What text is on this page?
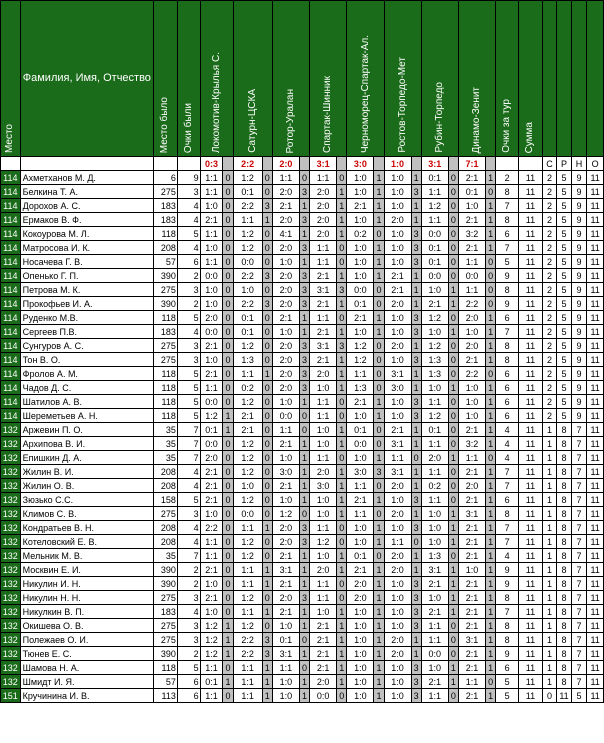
Место	Фамилия, Имя, Отчество	Место было	Очки были	Локомотив-Крылья С.		Сатурн-ЦСКА		Ротор-Уралан		Спартак-Шинник		Черноморец-Спартак-Ал.		Ростов-Торпедо-Мет		Рубин-Торпедо		Динамо-Зенит		Очки за тур	Сумма				
				0:3		2:2		2:0		3:1		3:0		1:0		3:1		7:1				С	Р	Н	О
114	Ахметханов М. Д.	6	9	1:1	0	1:2	0	1:1	0	1:1	0	1:0	1	1:0	1	0:1	0	2:1	1	2	11	2	5	9	11
114	Белкина Т. А.	275	3	1:1	0	0:1	0	2:0	3	2:0	1	1:0	1	1:0	3	1:1	0	0:1	0	8	11	2	5	9	11
114	Дорохов А. С.	183	4	1:0	0	2:2	3	2:1	1	2:0	1	2:1	1	1:0	1	1:2	0	1:0	1	7	11	2	5	9	11
114	Ермаков В. Ф.	183	4	2:1	0	1:1	1	2:0	3	2:0	1	1:0	1	2:0	1	1:1	0	2:1	1	8	11	2	5	9	11
114	Кокоурова М. Л.	118	5	1:1	0	1:2	0	4:1	1	2:0	1	0:2	0	1:0	3	0:0	0	3:2	1	6	11	2	5	9	11
114	Матросова И. К.	208	4	1:0	0	1:2	0	2:0	3	1:1	0	1:0	1	1:0	3	0:1	0	2:1	1	7	11	2	5	9	11
114	Носачева Г. В.	57	6	1:1	0	0:0	0	1:0	1	1:1	0	1:0	1	1:0	3	0:1	0	1:1	0	5	11	2	5	9	11
114	Опенько Г. П.	390	2	0:0	0	2:2	3	2:0	3	2:1	1	1:0	1	2:1	1	0:0	0	0:0	0	9	11	2	5	9	11
114	Петрова М. К.	275	3	1:0	0	1:0	0	2:0	3	3:1	3	0:0	0	2:1	1	1:0	1	1:1	0	8	11	2	5	9	11
114	Прокофьев И. А.	390	2	1:0	0	2:2	3	2:0	3	2:1	1	0:1	0	2:0	1	2:1	1	2:2	0	9	11	2	5	9	11
114	Руденко М.В.	118	5	2:0	0	0:1	0	2:1	1	1:1	0	2:1	1	1:0	3	1:2	0	2:0	1	6	11	2	5	9	11
114	Сергеев П.В.	183	4	0:0	0	0:1	0	1:0	1	2:1	1	1:0	1	1:0	3	1:0	1	1:0	1	7	11	2	5	9	11
114	Сунгуров А. С.	275	3	2:1	0	1:2	0	2:0	3	3:1	3	1:2	0	2:0	1	1:2	0	2:0	1	8	11	2	5	9	11
114	Тон В. О.	275	3	1:0	0	1:3	0	2:0	3	2:1	1	1:2	0	1:0	3	1:3	0	2:1	1	8	11	2	5	9	11
114	Фролов А. М.	118	5	2:1	0	1:1	1	2:0	3	2:0	1	1:1	0	3:1	1	1:3	0	2:2	0	6	11	2	5	9	11
114	Чадов Д. С.	118	5	1:1	0	0:2	0	2:0	3	1:0	1	1:3	0	3:0	1	1:0	1	1:0	1	6	11	2	5	9	11
114	Шатилов А. В.	118	5	0:0	0	1:2	0	1:0	1	1:1	0	2:1	1	1:0	3	1:1	0	1:0	1	6	11	2	5	9	11
114	Шереметьев А. Н.	118	5	1:2	1	2:1	0	0:0	0	1:1	0	1:0	1	1:0	3	1:2	0	1:0	1	6	11	2	5	9	11
132	Аржевин П. О.	35	7	0:1	1	2:1	0	1:1	0	1:0	1	0:1	0	2:1	1	0:1	0	2:1	1	4	11	1	8	7	11
132	Архипова В. И.	35	7	0:0	0	1:2	0	2:1	1	1:0	1	0:0	0	3:1	1	1:1	0	3:2	1	4	11	1	8	7	11
132	Епишкин Д. А.	35	7	2:0	0	1:2	0	1:0	1	1:1	0	1:0	1	1:1	0	2:0	1	1:1	0	4	11	1	8	7	11
132	Жилин В. И.	208	4	2:1	0	1:2	0	3:0	1	2:0	1	3:0	3	3:1	1	1:1	0	2:1	1	7	11	1	8	7	11
132	Жилин О. В.	208	4	2:1	0	1:0	0	2:1	1	3:0	1	1:1	0	2:0	1	0:2	0	2:0	1	7	11	1	8	7	11
132	Зюзько С.С.	158	5	2:1	0	1:2	0	1:0	1	1:0	1	2:1	1	1:0	3	1:1	0	2:1	1	6	11	1	8	7	11
132	Климов С. В.	275	3	1:0	0	0:0	0	1:2	0	1:0	1	1:1	0	2:0	1	1:0	1	3:1	1	8	11	1	8	7	11
132	Кондратьев В. Н.	208	4	2:2	0	1:1	1	2:0	3	1:1	0	1:0	1	1:0	3	1:0	1	2:1	1	7	11	1	8	7	11
132	Котеловский Е. В.	208	4	1:1	0	1:2	0	2:0	3	1:2	0	1:0	1	1:1	0	1:0	1	2:1	1	7	11	1	8	7	11
132	Мельник М. В.	35	7	1:1	0	1:2	0	2:1	1	1:0	1	0:1	0	2:0	1	1:3	0	2:1	1	4	11	1	8	7	11
132	Москвин Е. И.	390	2	2:1	0	1:1	1	3:1	1	2:0	1	2:1	1	2:0	1	3:1	1	1:0	1	9	11	1	8	7	11
132	Никулин И. Н.	390	2	1:0	0	1:1	1	2:1	1	1:1	0	2:0	1	1:0	3	2:1	1	2:1	1	9	11	1	8	7	11
132	Никулин Н. Н.	275	3	2:1	0	1:2	0	2:0	3	1:1	0	2:0	1	1:0	3	1:0	1	2:1	1	8	11	1	8	7	11
132	Никулкин В. П.	183	4	1:0	0	1:1	1	2:1	1	1:0	1	1:0	1	1:0	3	2:1	1	2:1	1	7	11	1	8	7	11
132	Окишева О. В.	275	3	1:2	1	1:2	0	1:0	1	2:1	1	1:0	1	1:0	3	1:1	0	2:1	1	8	11	1	8	7	11
132	Полежаев О. И.	275	3	1:2	1	2:2	3	0:1	0	2:1	1	1:0	1	2:0	1	1:1	0	3:1	1	8	11	1	8	7	11
132	Тюнев Е. С.	390	2	1:2	1	2:2	3	3:1	1	2:1	1	1:0	1	2:0	1	0:0	0	2:1	1	9	11	1	8	7	11
132	Шамова Н. А.	118	5	1:1	0	1:1	1	1:1	0	2:1	1	1:0	1	1:0	3	1:0	1	2:1	1	6	11	1	8	7	11
132	Шмидт И. Я.	57	6	0:1	1	1:1	1	1:0	1	2:0	1	1:0	1	1:0	3	2:1	1	1:1	0	5	11	1	8	7	11
151	Кручинина И. В.	113	6	1:1	0	1:1	1	1:0	1	0:0	0	1:0	1	1:0	3	1:1	0	2:1	1	5	11	0	11	5	11
